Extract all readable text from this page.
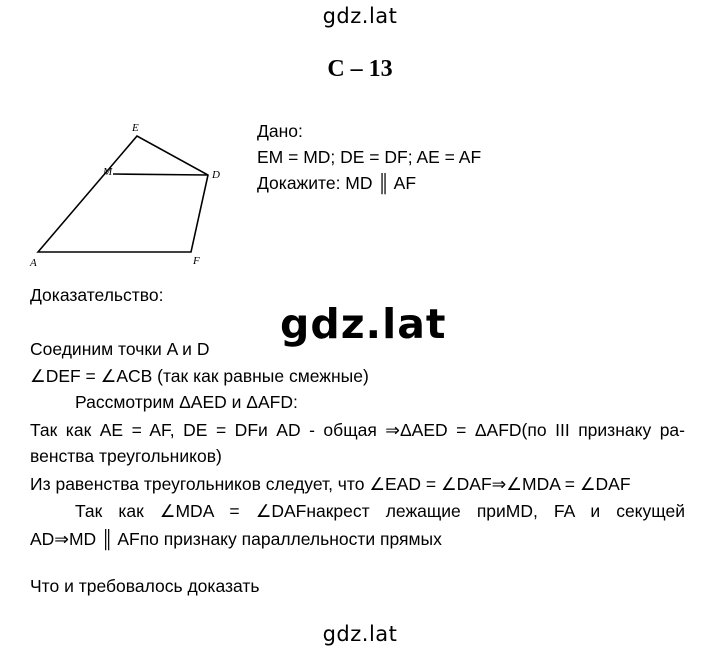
gdz.lat
C – 13
E
M	D
A	F
Дано:
EM = MD; DE = DF; AE = AF
Докажите: MD ║ AF
Доказательство:
gdz.lat
Соединим точки A и D
∠DEF = ∠ACB (так как равные смежные)
Рассмотрим ΔAED и ΔAFD:
Так как AE = AF, DE = DFи AD - общая ⇒ΔAED = ΔAFD(по III признаку ра-
венства треугольников)
Из равенства треугольников следует, что ∠EAD = ∠DAF⇒∠MDA = ∠DAF
Так как ∠MDA = ∠DAFнакрест лежащие приMD, FA и секущей
AD⇒MD ║ AFпо признаку параллельности прямых
Что и требовалось доказать
gdz.lat
